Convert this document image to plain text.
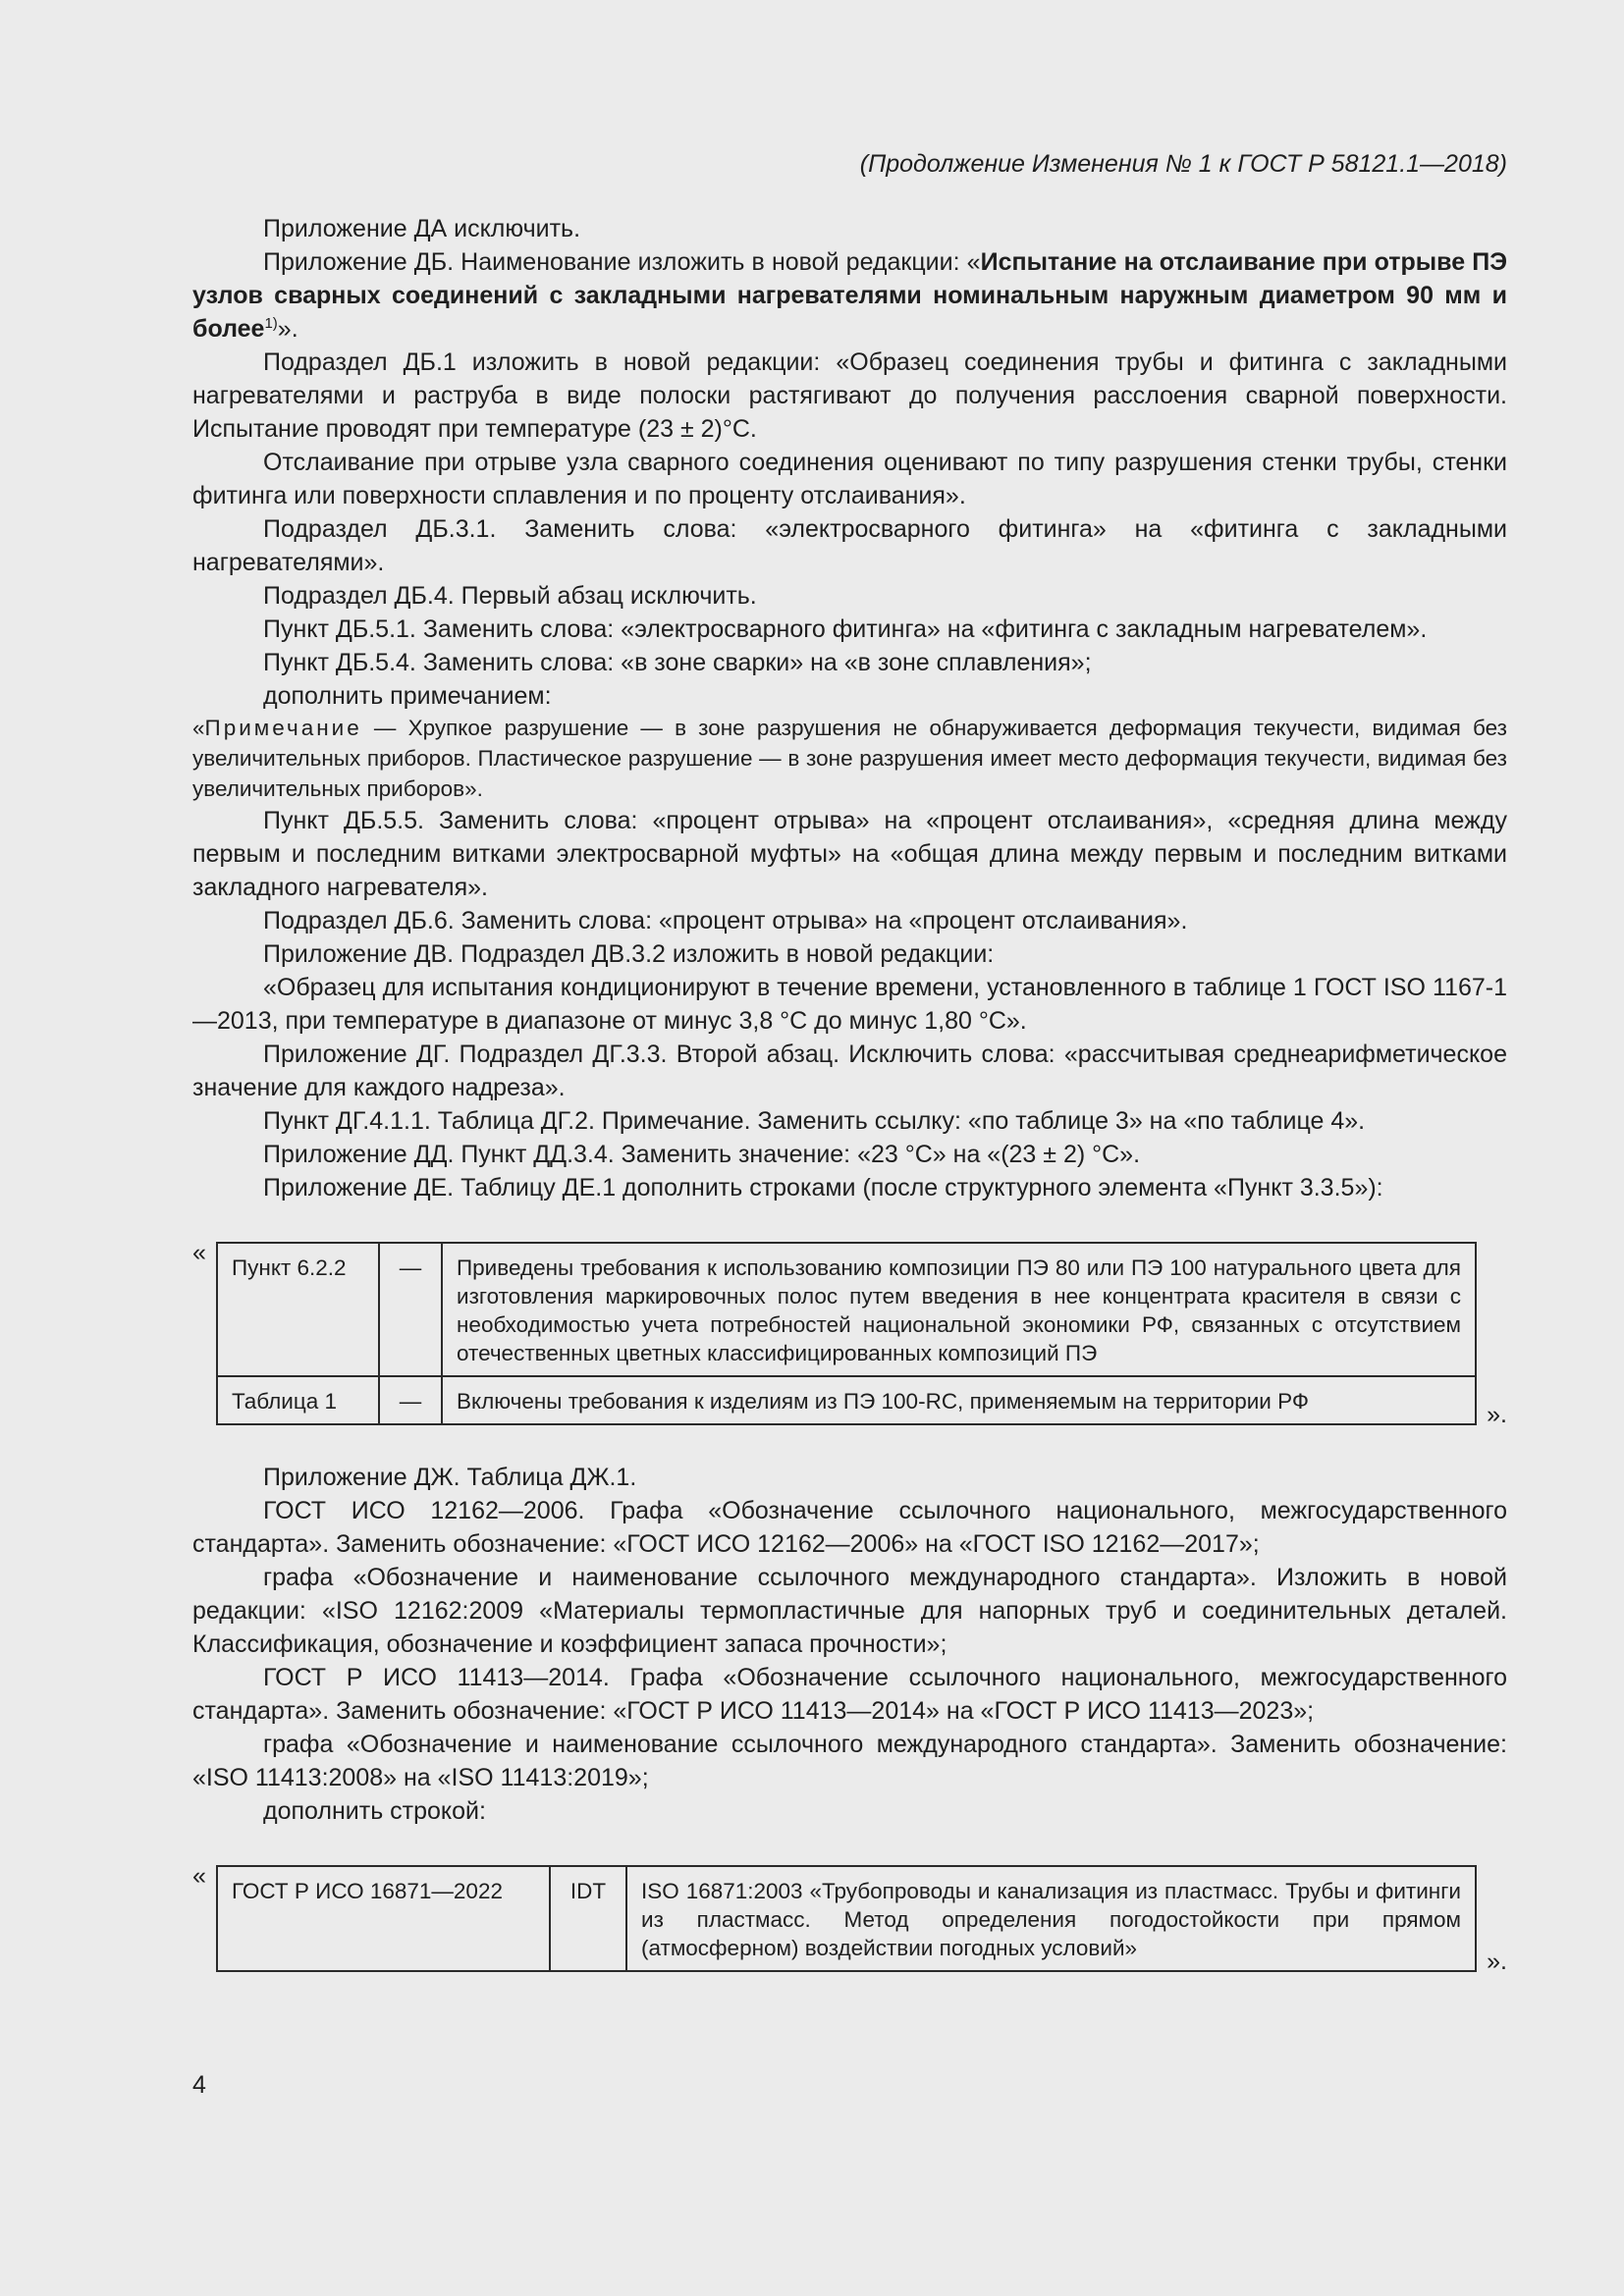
(Продолжение Изменения № 1 к ГОСТ Р 58121.1—2018)

Приложение ДА исключить.

Приложение ДБ. Наименование изложить в новой редакции: «Испытание на отслаивание при отрыве ПЭ узлов сварных соединений с закладными нагревателями номинальным наружным диаметром 90 мм и более$^{1)}$».

Подраздел ДБ.1 изложить в новой редакции: «Образец соединения трубы и фитинга с закладными нагревателями и раструба в виде полоски растягивают до получения расслоения сварной поверхности. Испытание проводят при температуре (23 ± 2)°С.

Отслаивание при отрыве узла сварного соединения оценивают по типу разрушения стенки трубы, стенки фитинга или поверхности сплавления и по проценту отслаивания».

Подраздел ДБ.3.1. Заменить слова: «электросварного фитинга» на «фитинга с закладными нагревателями».

Подраздел ДБ.4. Первый абзац исключить.

Пункт ДБ.5.1. Заменить слова: «электросварного фитинга» на «фитинга с закладным нагревателем».

Пункт ДБ.5.4. Заменить слова: «в зоне сварки» на «в зоне сплавления»;

дополнить примечанием:

«Примечание — Хрупкое разрушение — в зоне разрушения не обнаруживается деформация текучести, видимая без увеличительных приборов. Пластическое разрушение — в зоне разрушения имеет место деформация текучести, видимая без увеличительных приборов».

Пункт ДБ.5.5. Заменить слова: «процент отрыва» на «процент отслаивания», «средняя длина между первым и последним витками электросварной муфты» на «общая длина между первым и последним витками закладного нагревателя».

Подраздел ДБ.6. Заменить слова: «процент отрыва» на «процент отслаивания».

Приложение ДВ. Подраздел ДВ.3.2 изложить в новой редакции:

«Образец для испытания кондиционируют в течение времени, установленного в таблице 1 ГОСТ ISO 1167-1—2013, при температуре в диапазоне от минус 3,8 °С до минус 1,80 °С».

Приложение ДГ. Подраздел ДГ.3.3. Второй абзац. Исключить слова: «рассчитывая среднеарифметическое значение для каждого надреза».

Пункт ДГ.4.1.1. Таблица ДГ.2. Примечание. Заменить ссылку: «по таблице 3» на «по таблице 4».

Приложение ДД. Пункт ДД.3.4. Заменить значение: «23 °С» на «(23 ± 2) °С».

Приложение ДЕ. Таблицу ДЕ.1 дополнить строками (после структурного элемента «Пункт 3.3.5»):

«
Пункт 6.2.2	—	Приведены требования к использованию композиции ПЭ 80 или ПЭ 100 натурального цвета для изготовления маркировочных полос путем введения в нее концентрата красителя в связи с необходимостью учета потребностей национальной экономики РФ, связанных с отсутствием отечественных цветных классифицированных композиций ПЭ
Таблица 1	—	Включены требования к изделиям из ПЭ 100-RC, применяемым на территории РФ	».

Приложение ДЖ. Таблица ДЖ.1.

ГОСТ ИСО 12162—2006. Графа «Обозначение ссылочного национального, межгосударственного стандарта». Заменить обозначение: «ГОСТ ИСО 12162—2006» на «ГОСТ ISO 12162—2017»;

графа «Обозначение и наименование ссылочного международного стандарта». Изложить в новой редакции: «ISO 12162:2009 «Материалы термопластичные для напорных труб и соединительных деталей. Классификация, обозначение и коэффициент запаса прочности»;

ГОСТ Р ИСО 11413—2014. Графа «Обозначение ссылочного национального, межгосударственного стандарта». Заменить обозначение: «ГОСТ Р ИСО 11413—2014» на «ГОСТ Р ИСО 11413—2023»;

графа «Обозначение и наименование ссылочного международного стандарта». Заменить обозначение: «ISO 11413:2008» на «ISO 11413:2019»;

дополнить строкой:

«
ГОСТ Р ИСО 16871—2022	IDT	ISO 16871:2003 «Трубопроводы и канализация из пластмасс. Трубы и фитинги из пластмасс. Метод определения погодостойкости при прямом (атмосферном) воздействии погодных условий»	».
4
